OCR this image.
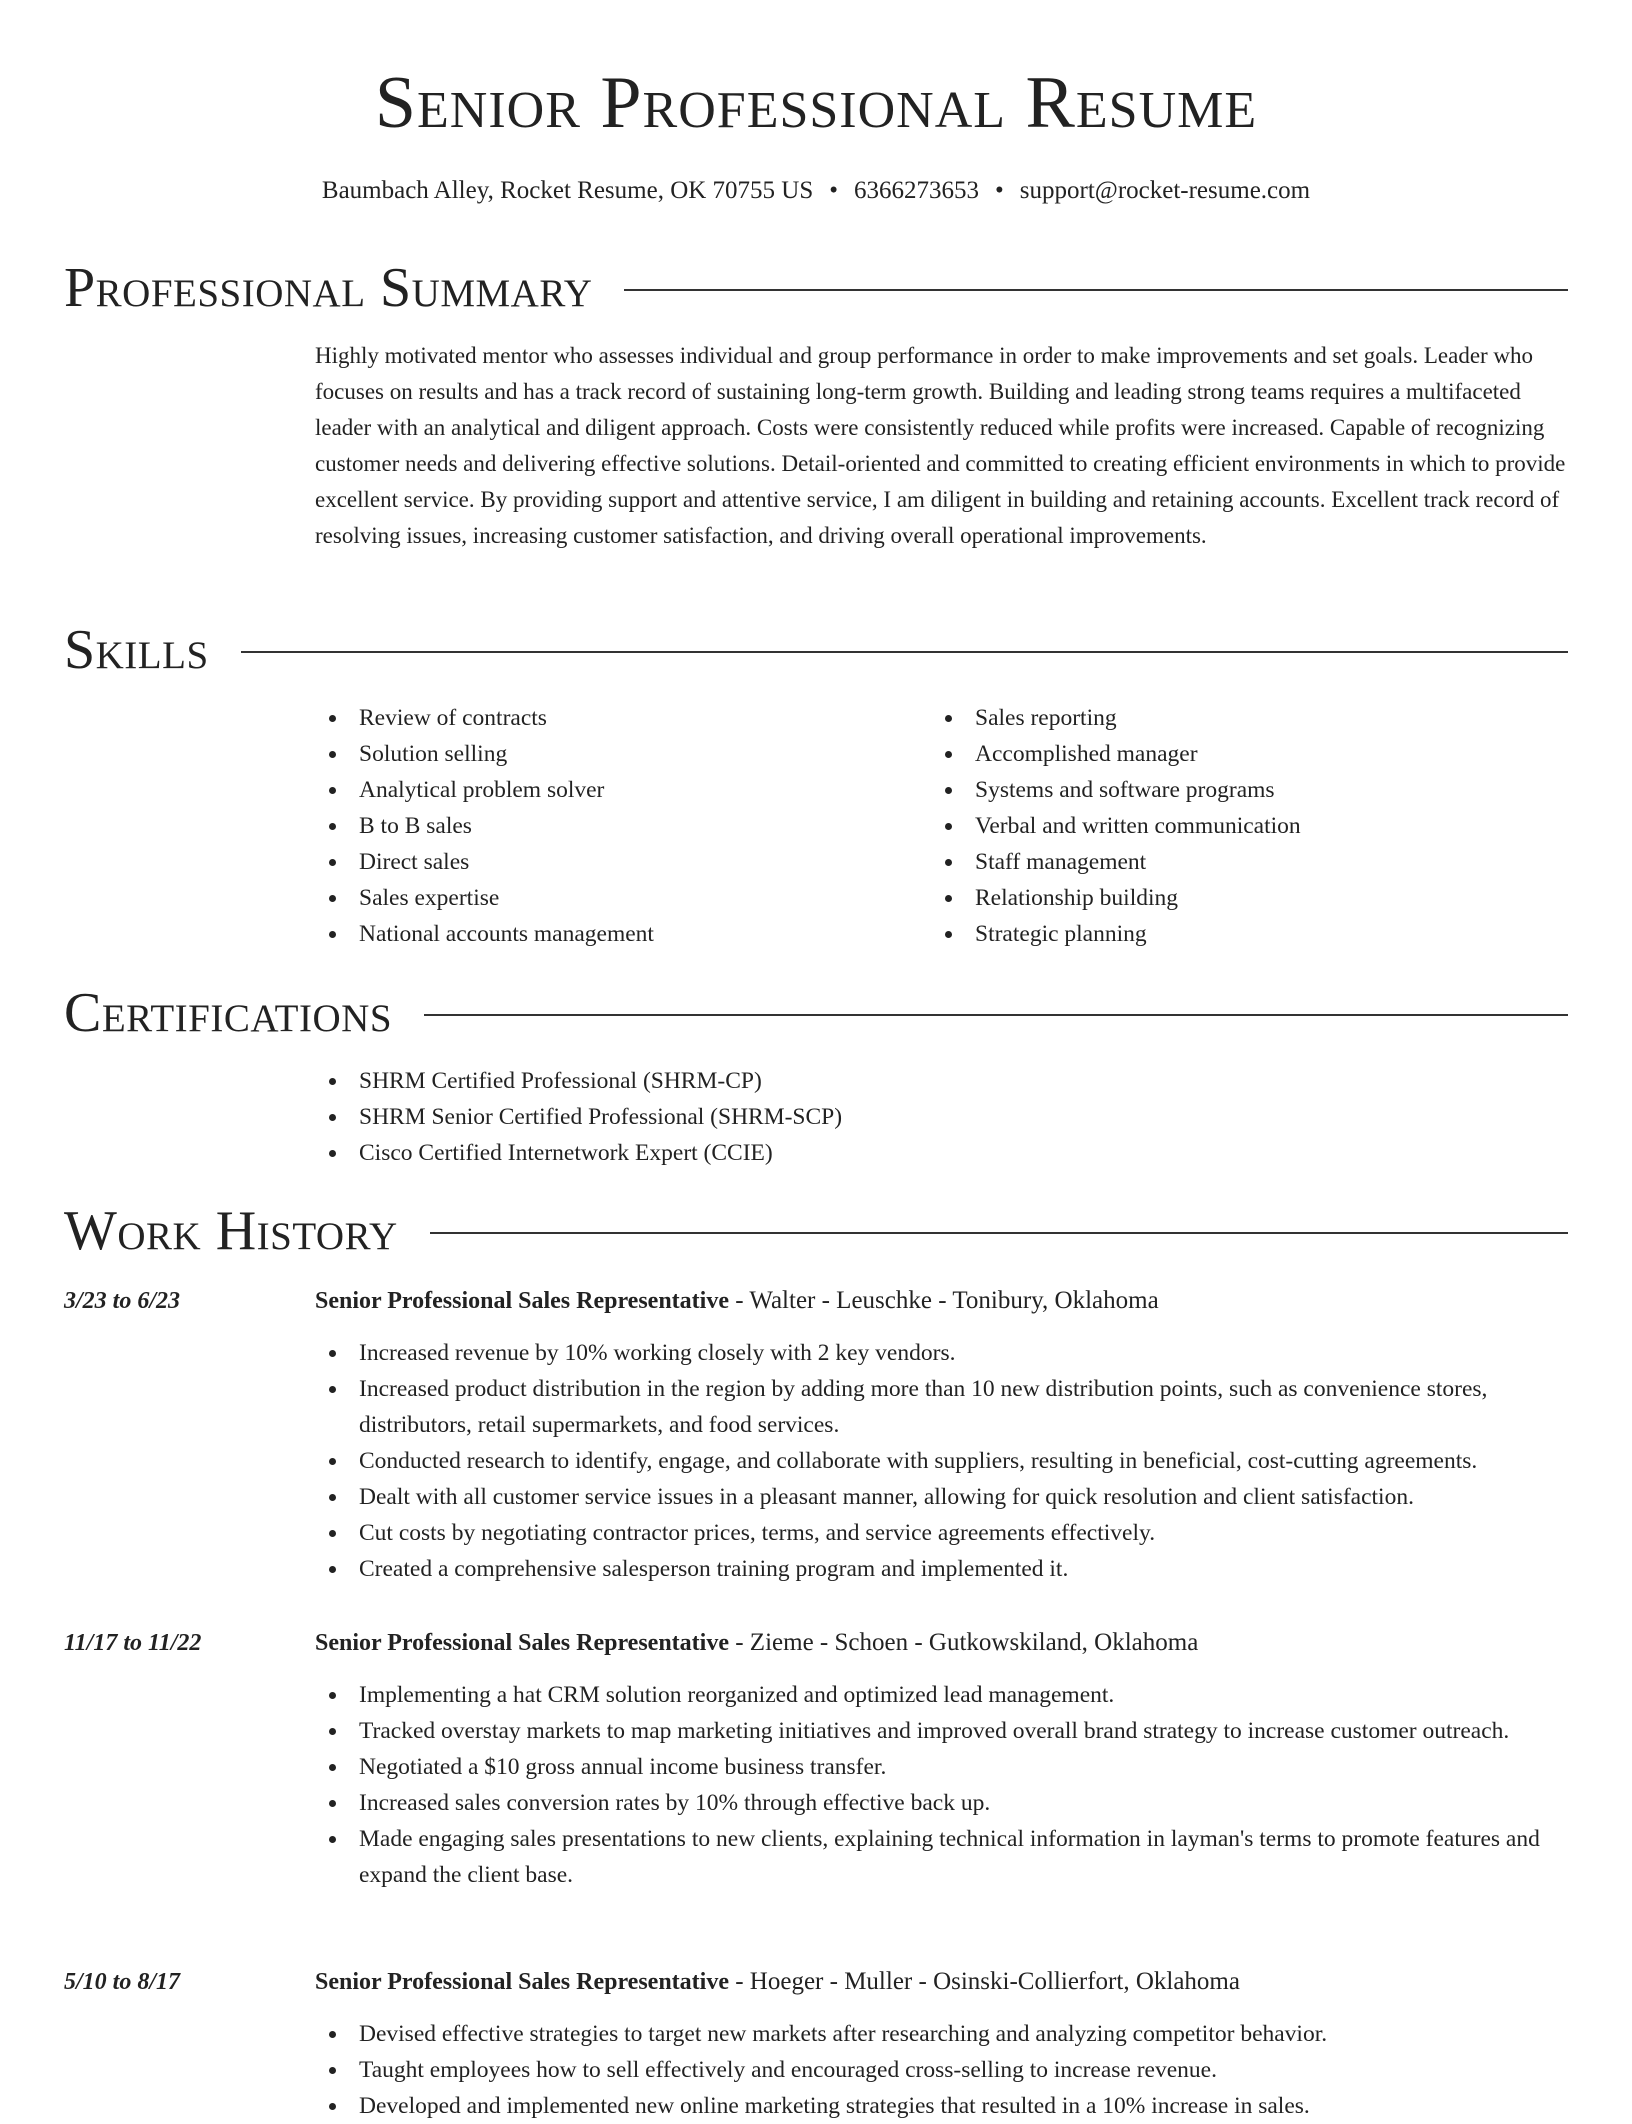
Senior Professional Resume
Baumbach Alley, Rocket Resume, OK 70755 US • 6366273653 • support@rocket-resume.com
Professional Summary

Highly motivated mentor who assesses individual and group performance in order to make improvements and set goals. Leader who focuses on results and has a track record of sustaining long-term growth. Building and leading strong teams requires a multifaceted leader with an analytical and diligent approach. Costs were consistently reduced while profits were increased. Capable of recognizing customer needs and delivering effective solutions. Detail-oriented and committed to creating efficient environments in which to provide excellent service. By providing support and attentive service, I am diligent in building and retaining accounts. Excellent track record of resolving issues, increasing customer satisfaction, and driving overall operational improvements.

Skills
Review of contracts
Solution selling
Analytical problem solver
B to B sales
Direct sales
Sales expertise
National accounts management
Sales reporting
Accomplished manager
Systems and software programs
Verbal and written communication
Staff management
Relationship building
Strategic planning
Certifications
SHRM Certified Professional (SHRM-CP)
SHRM Senior Certified Professional (SHRM-SCP)
Cisco Certified Internetwork Expert (CCIE)
Work History
3/23 to 6/23	Senior Professional Sales Representative - Walter - Leuschke - Tonibury, Oklahoma
Increased revenue by 10% working closely with 2 key vendors.
Increased product distribution in the region by adding more than 10 new distribution points, such as convenience stores, distributors, retail supermarkets, and food services.
Conducted research to identify, engage, and collaborate with suppliers, resulting in beneficial, cost-cutting agreements.
Dealt with all customer service issues in a pleasant manner, allowing for quick resolution and client satisfaction.
Cut costs by negotiating contractor prices, terms, and service agreements effectively.
Created a comprehensive salesperson training program and implemented it.
11/17 to 11/22	Senior Professional Sales Representative - Zieme - Schoen - Gutkowskiland, Oklahoma
Implementing a hat CRM solution reorganized and optimized lead management.
Tracked overstay markets to map marketing initiatives and improved overall brand strategy to increase customer outreach.
Negotiated a $10 gross annual income business transfer.
Increased sales conversion rates by 10% through effective back up.
Made engaging sales presentations to new clients, explaining technical information in layman's terms to promote features and expand the client base.
5/10 to 8/17	Senior Professional Sales Representative - Hoeger - Muller - Osinski-Collierfort, Oklahoma
Devised effective strategies to target new markets after researching and analyzing competitor behavior.
Taught employees how to sell effectively and encouraged cross-selling to increase revenue.
Developed and implemented new online marketing strategies that resulted in a 10% increase in sales.
